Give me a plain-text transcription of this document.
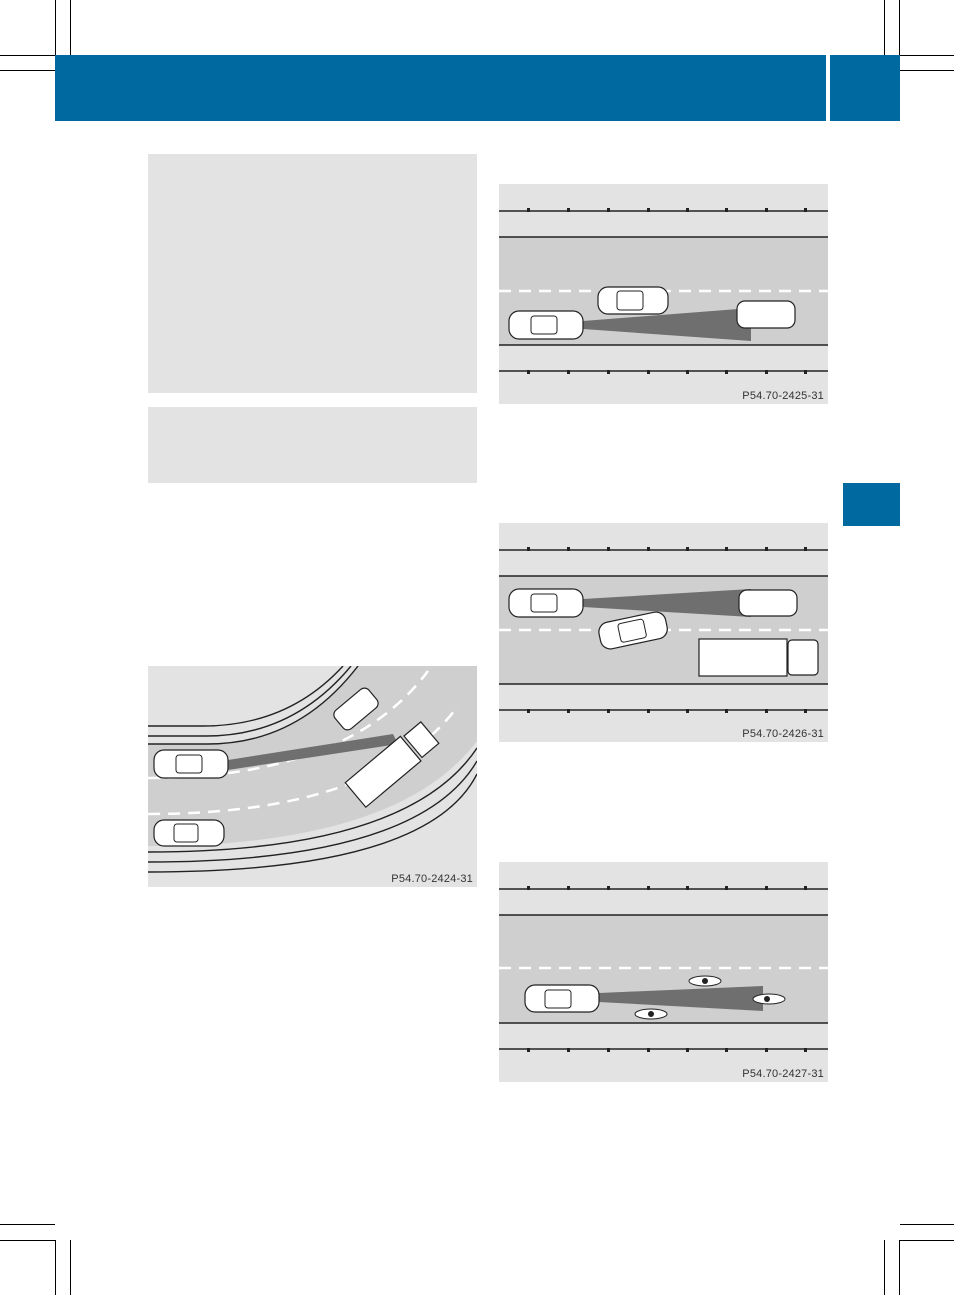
P54.70-2424-31
P54.70-2425-31
P54.70-2426-31
P54.70-2427-31
